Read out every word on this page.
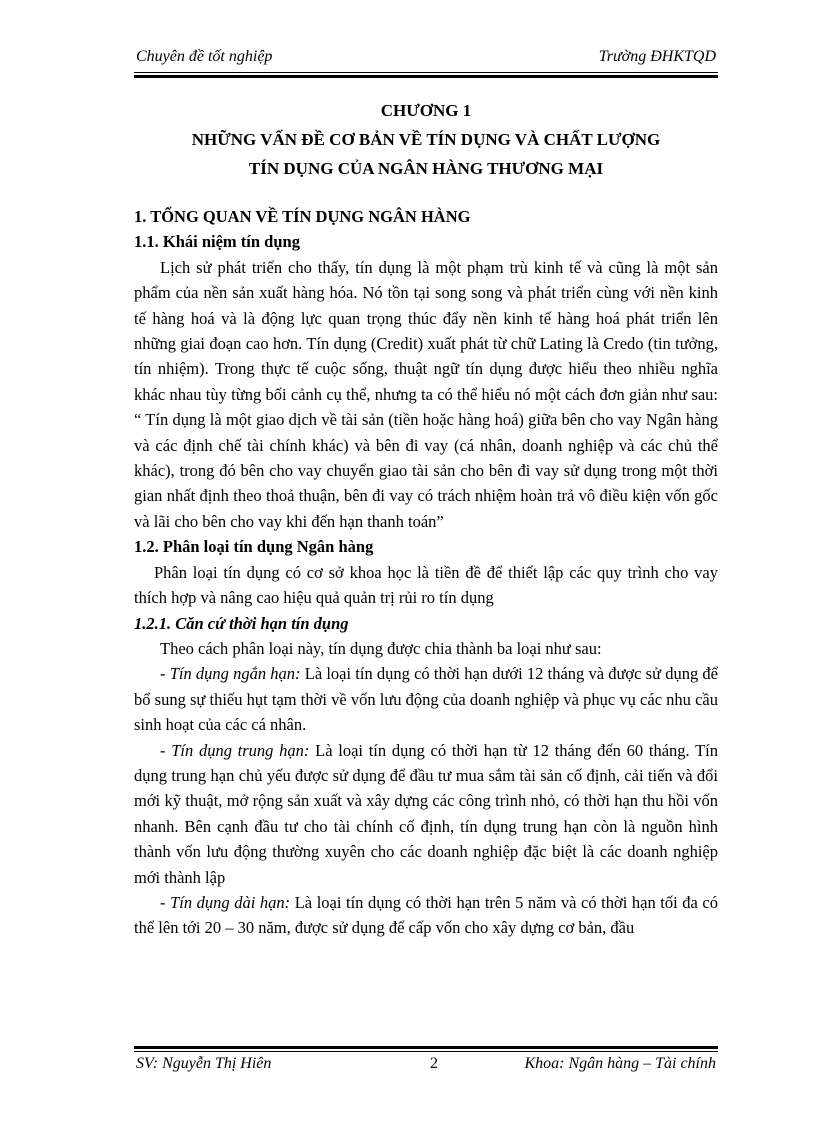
Chuyên đề tốt nghiệp	Trường ĐHKTQD
CHƯƠNG 1
NHỮNG VẤN ĐỀ CƠ BẢN VỀ TÍN DỤNG VÀ CHẤT LƯỢNG
TÍN DỤNG CỦA NGÂN HÀNG THƯƠNG MẠI

1. TỔNG QUAN VỀ TÍN DỤNG NGÂN HÀNG

1.1. Khái niệm tín dụng

Lịch sử phát triển cho thấy, tín dụng là một phạm trù kinh tế và cũng là một sản phẩm của nền sản xuất hàng hóa. Nó tồn tại song song và phát triển cùng với nền kinh tế hàng hoá và là động lực quan trọng thúc đẩy nền kinh tế hàng hoá phát triển lên những giai đoạn cao hơn. Tín dụng (Credit) xuất phát từ chữ Lating là Credo (tin tưởng, tín nhiệm). Trong thực tế cuộc sống, thuật ngữ tín dụng được hiểu theo nhiều nghĩa khác nhau tùy từng bối cảnh cụ thể, nhưng ta có thể hiểu nó một cách đơn giản như sau: “ Tín dụng là một giao dịch về tài sản (tiền hoặc hàng hoá) giữa bên cho vay Ngân hàng và các định chế tài chính khác) và bên đi vay (cá nhân, doanh nghiệp và các chủ thể khác), trong đó bên cho vay chuyển giao tài sản cho bên đi vay sử dụng trong một thời gian nhất định theo thoả thuận, bên đi vay có trách nhiệm hoàn trả vô điều kiện vốn gốc và lãi cho bên cho vay khi đến hạn thanh toán”

1.2. Phân loại tín dụng Ngân hàng

Phân loại tín dụng có cơ sở khoa học là tiền đề để thiết lập các quy trình cho vay thích hợp và nâng cao hiệu quả quản trị rủi ro tín dụng

1.2.1. Căn cứ thời hạn tín dụng

Theo cách phân loại này, tín dụng được chia thành ba loại như sau:

- Tín dụng ngắn hạn: Là loại tín dụng có thời hạn dưới 12 tháng và được sử dụng để bổ sung sự thiếu hụt tạm thời về vốn lưu động của doanh nghiệp và phục vụ các nhu cầu sinh hoạt của các cá nhân.

- Tín dụng trung hạn: Là loại tín dụng có thời hạn từ 12 tháng đến 60 tháng. Tín dụng trung hạn chủ yếu được sử dụng để đầu tư mua sắm tài sản cố định, cải tiến và đổi mới kỹ thuật, mở rộng sản xuất và xây dựng các công trình nhỏ, có thời hạn thu hồi vốn nhanh. Bên cạnh đầu tư cho tài chính cố định, tín dụng trung hạn còn là nguồn hình thành vốn lưu động thường xuyên cho các doanh nghiệp đặc biệt là các doanh nghiệp mới thành lập

- Tín dụng dài hạn: Là loại tín dụng có thời hạn trên 5 năm và có thời hạn tối đa có thể lên tới 20 – 30 năm, được sử dụng để cấp vốn cho xây dựng cơ bản, đầu

SV: Nguyễn Thị Hiên	2	Khoa: Ngân hàng – Tài chính
